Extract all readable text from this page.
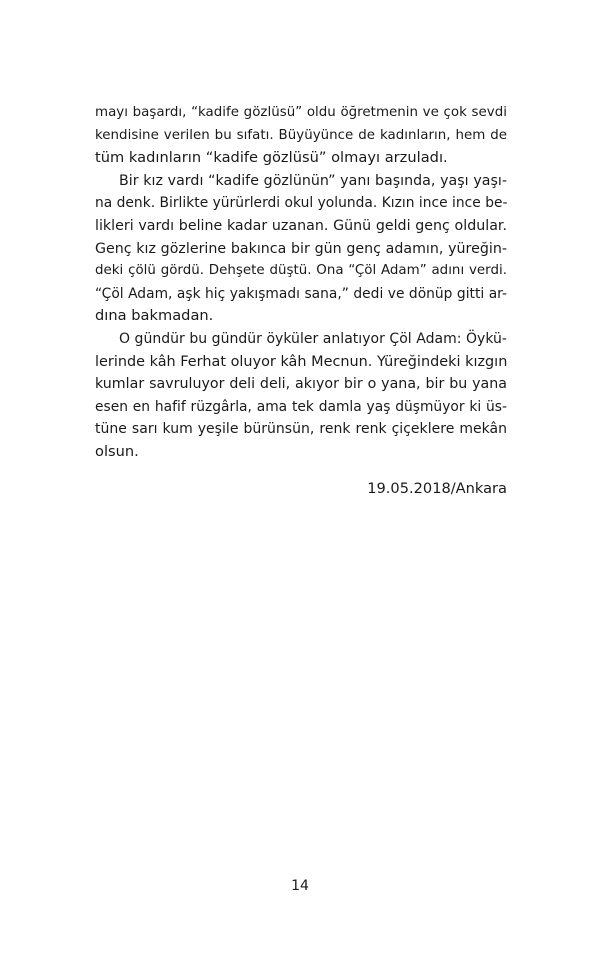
mayı başardı, “kadife gözlüsü” oldu öğretmenin ve çok sevdi
kendisine verilen bu sıfatı. Büyüyünce de kadınların, hem de
tüm kadınların “kadife gözlüsü” olmayı arzuladı.
Bir kız vardı “kadife gözlünün” yanı başında, yaşı yaşı-
na denk. Birlikte yürürlerdi okul yolunda. Kızın ince ince be-
likleri vardı beline kadar uzanan. Günü geldi genç oldular.
Genç kız gözlerine bakınca bir gün genç adamın, yüreğin-
deki çölü gördü. Dehşete düştü. Ona “Çöl Adam” adını verdi.
“Çöl Adam, aşk hiç yakışmadı sana,” dedi ve dönüp gitti ar-
dına bakmadan.
O gündür bu gündür öyküler anlatıyor Çöl Adam: Öykü-
lerinde kâh Ferhat oluyor kâh Mecnun. Yüreğindeki kızgın
kumlar savruluyor deli deli, akıyor bir o yana, bir bu yana
esen en hafif rüzgârla, ama tek damla yaş düşmüyor ki üs-
tüne sarı kum yeşile bürünsün, renk renk çiçeklere mekân
olsun.
19.05.2018/Ankara
14
